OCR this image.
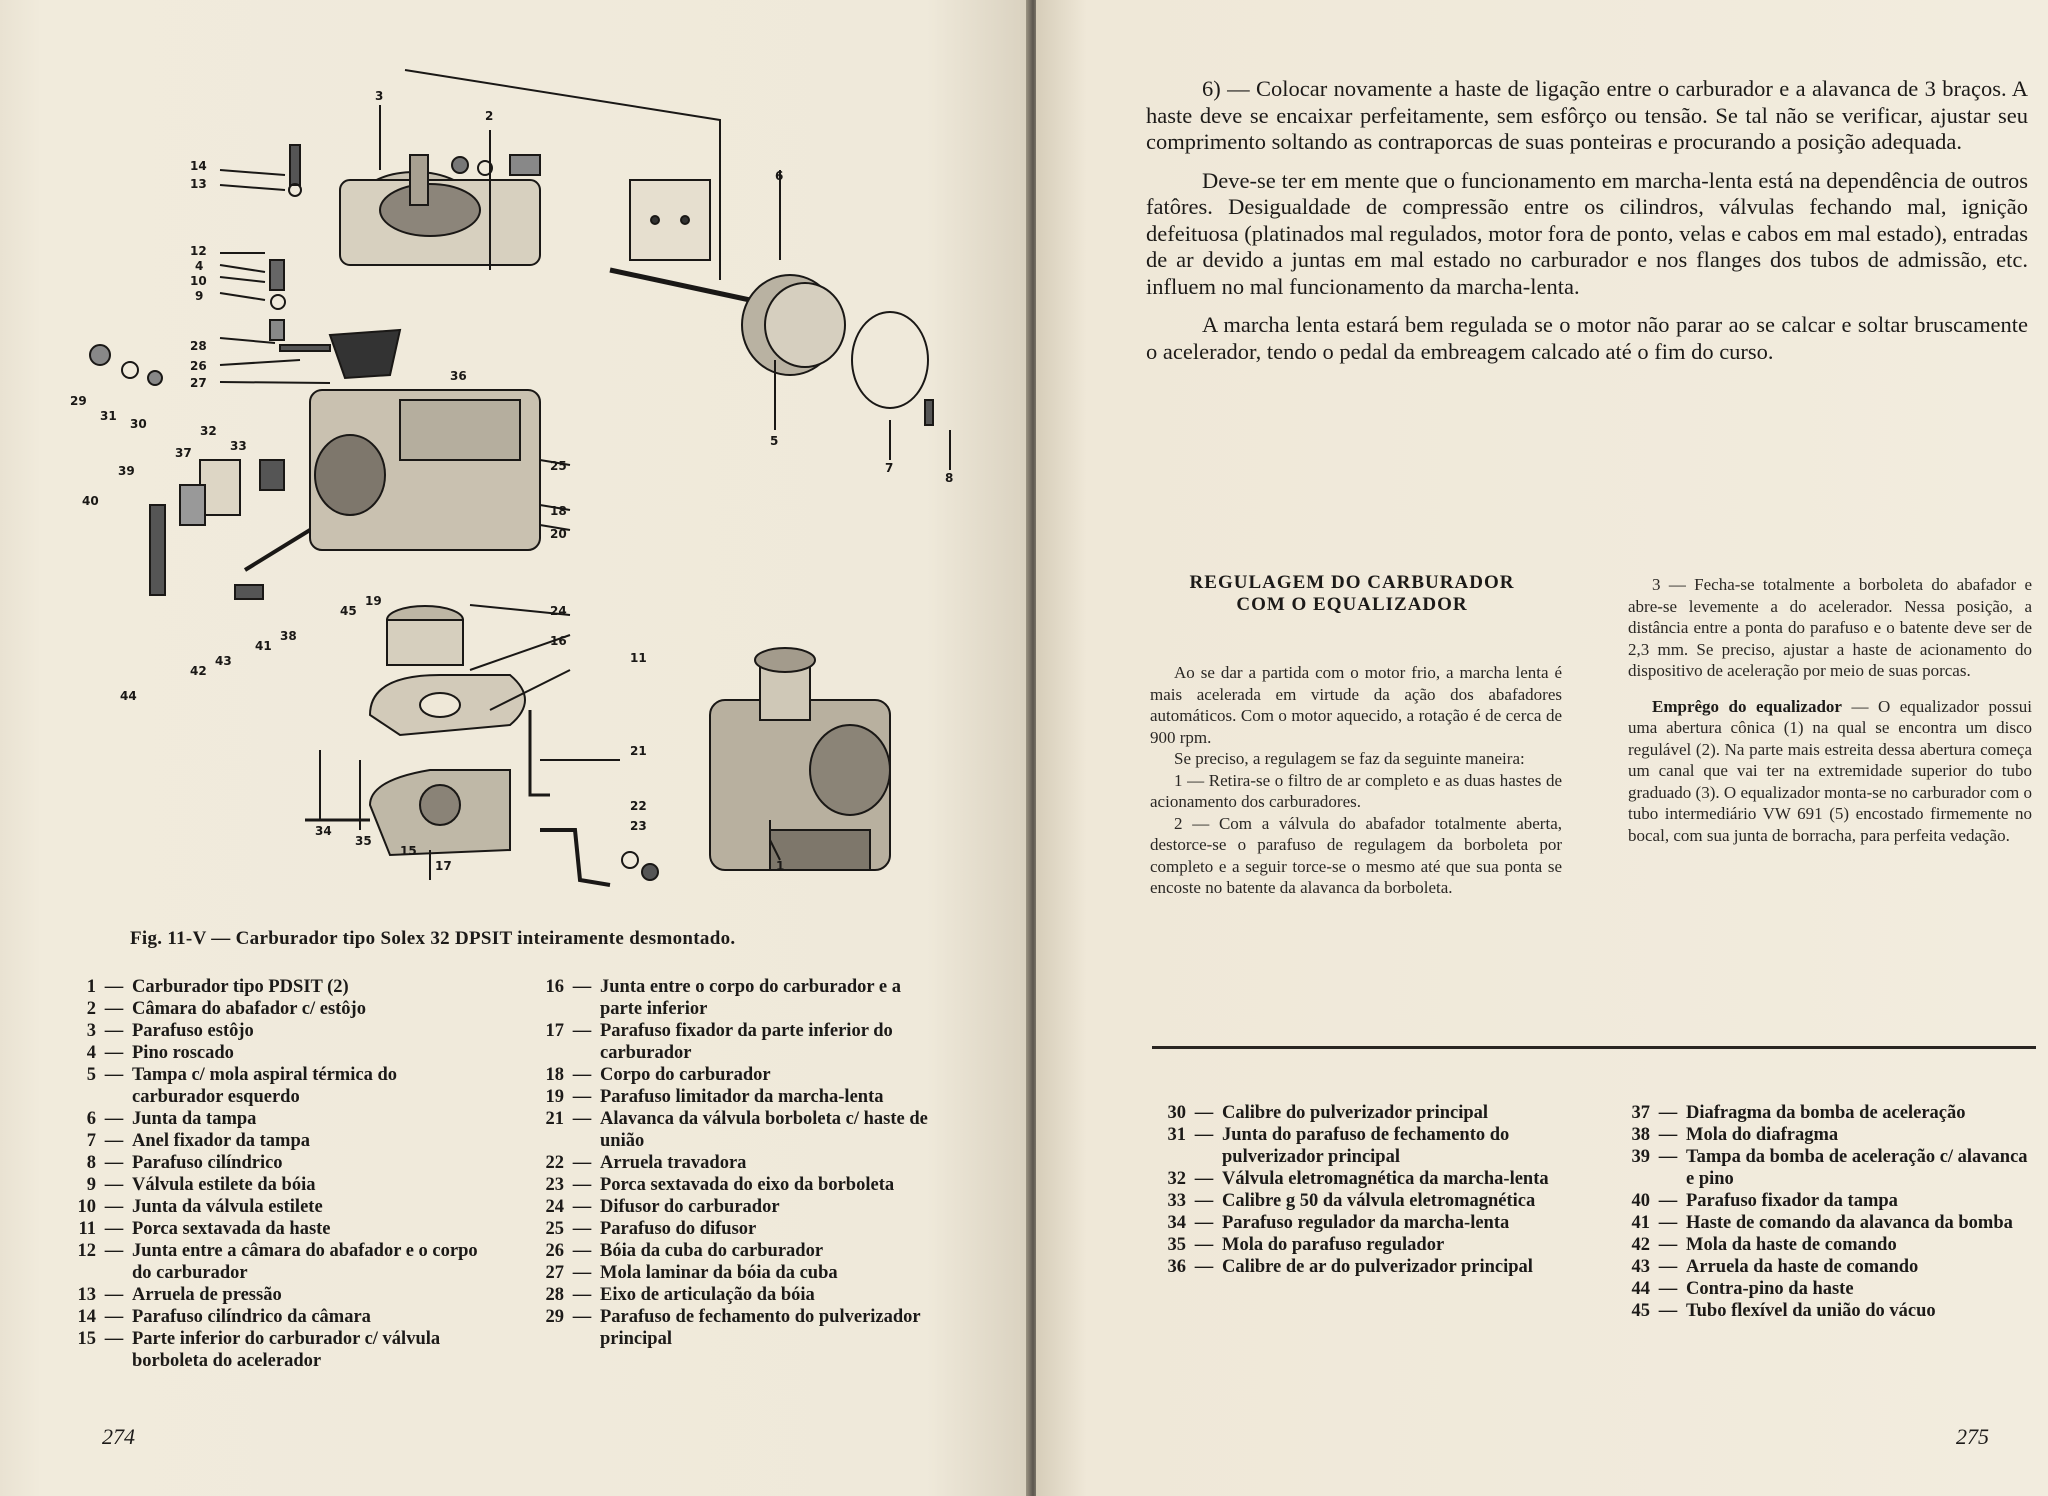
3
2
14
13
12
4
10
9
6
28
26
27	36
29
31
30	32
33
37
39
40
5
7
8
25
18
20
24
16
19
45
41
38
42
43
44
11
21
22
23
34
35
15
17	1
Fig. 11-V — Carburador tipo Solex 32 DPSIT inteiramente desmontado.
1 — Carburador tipo PDSIT (2)
2 — Câmara do abafador c/ estôjo
3 — Parafuso estôjo
4 — Pino roscado
5 — Tampa c/ mola aspiral térmica do carburador esquerdo
6 — Junta da tampa
7 — Anel fixador da tampa
8 — Parafuso cilíndrico
9 — Válvula estilete da bóia
10 — Junta da válvula estilete
11 — Porca sextavada da haste
12 — Junta entre a câmara do abafador e o corpo do carburador
13 — Arruela de pressão
14 — Parafuso cilíndrico da câmara
15 — Parte inferior do carburador c/ válvula borboleta do acelerador
16 — Junta entre o corpo do carburador e a parte inferior
17 — Parafuso fixador da parte inferior do carburador
18 — Corpo do carburador
19 — Parafuso limitador da marcha-lenta
21 — Alavanca da válvula borboleta c/ haste de união
22 — Arruela travadora
23 — Porca sextavada do eixo da borboleta
24 — Difusor do carburador
25 — Parafuso do difusor
26 — Bóia da cuba do carburador
27 — Mola laminar da bóia da cuba
28 — Eixo de articulação da bóia
29 — Parafuso de fechamento do pulverizador principal
274

6) — Colocar novamente a haste de ligação entre o carburador e a alavanca de 3 braços. A haste deve se encaixar perfeitamente, sem esfôrço ou tensão. Se tal não se verificar, ajustar seu comprimento soltando as contraporcas de suas ponteiras e procurando a posição adequada.

Deve-se ter em mente que o funcionamento em marcha-lenta está na dependência de outros fatôres. Desigualdade de compressão entre os cilindros, válvulas fechando mal, ignição defeituosa (platinados mal regulados, motor fora de ponto, velas e cabos em mal estado), entradas de ar devido a juntas em mal estado no carburador e nos flanges dos tubos de admissão, etc. influem no mal funcionamento da marcha-lenta.

A marcha lenta estará bem regulada se o motor não parar ao se calcar e soltar bruscamente o acelerador, tendo o pedal da embreagem calcado até o fim do curso.

REGULAGEM DO CARBURADOR
COM O EQUALIZADOR

Ao se dar a partida com o motor frio, a marcha lenta é mais acelerada em virtude da ação dos abafadores automáticos. Com o motor aquecido, a rotação é de cerca de 900 rpm.

Se preciso, a regulagem se faz da seguinte maneira:

1 — Retira-se o filtro de ar completo e as duas hastes de acionamento dos carburadores.

2 — Com a válvula do abafador totalmente aberta, destorce-se o parafuso de regulagem da borboleta por completo e a seguir torce-se o mesmo até que sua ponta se encoste no batente da alavanca da borboleta.

3 — Fecha-se totalmente a borboleta do abafador e abre-se levemente a do acelerador. Nessa posição, a distância entre a ponta do parafuso e o batente deve ser de 2,3 mm. Se preciso, ajustar a haste de acionamento do dispositivo de aceleração por meio de suas porcas.

Emprêgo do equalizador — O equalizador possui uma abertura cônica (1) na qual se encontra um disco regulável (2). Na parte mais estreita dessa abertura começa um canal que vai ter na extremidade superior do tubo graduado (3). O equalizador monta-se no carburador com o tubo intermediário VW 691 (5) encostado firmemente no bocal, com sua junta de borracha, para perfeita vedação.

30 — Calibre do pulverizador principal
31 — Junta do parafuso de fechamento do pulverizador principal
32 — Válvula eletromagnética da marcha-lenta
33 — Calibre g 50 da válvula eletromagnética
34 — Parafuso regulador da marcha-lenta
35 — Mola do parafuso regulador
36 — Calibre de ar do pulverizador principal
37 — Diafragma da bomba de aceleração
38 — Mola do diafragma
39 — Tampa da bomba de aceleração c/ alavanca e pino
40 — Parafuso fixador da tampa
41 — Haste de comando da alavanca da bomba
42 — Mola da haste de comando
43 — Arruela da haste de comando
44 — Contra-pino da haste
45 — Tubo flexível da união do vácuo
275
